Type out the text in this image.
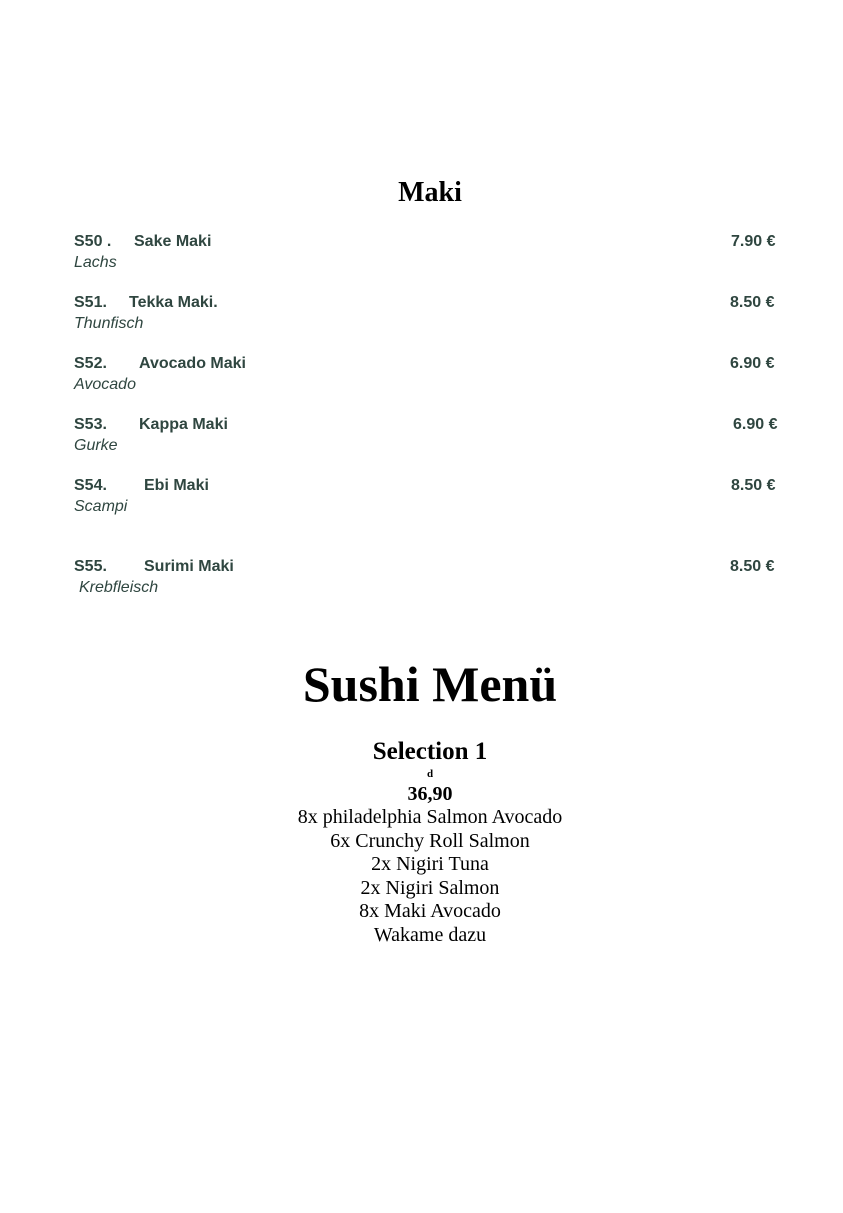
Maki
S50 . Sake Maki	7.90 €
Lachs
S51. Tekka Maki.	8.50 €
Thunfisch
S52. Avocado Maki	6.90 €
Avocado
S53. Kappa Maki	6.90 €
Gurke
S54. Ebi Maki	8.50 €
Scampi
S55. Surimi Maki	8.50 €
Krebfleisch
Sushi Menü
Selection 1
d
36,90
8x philadelphia Salmon Avocado
6x Crunchy Roll Salmon
2x Nigiri Tuna
2x Nigiri Salmon
8x Maki Avocado
Wakame dazu
